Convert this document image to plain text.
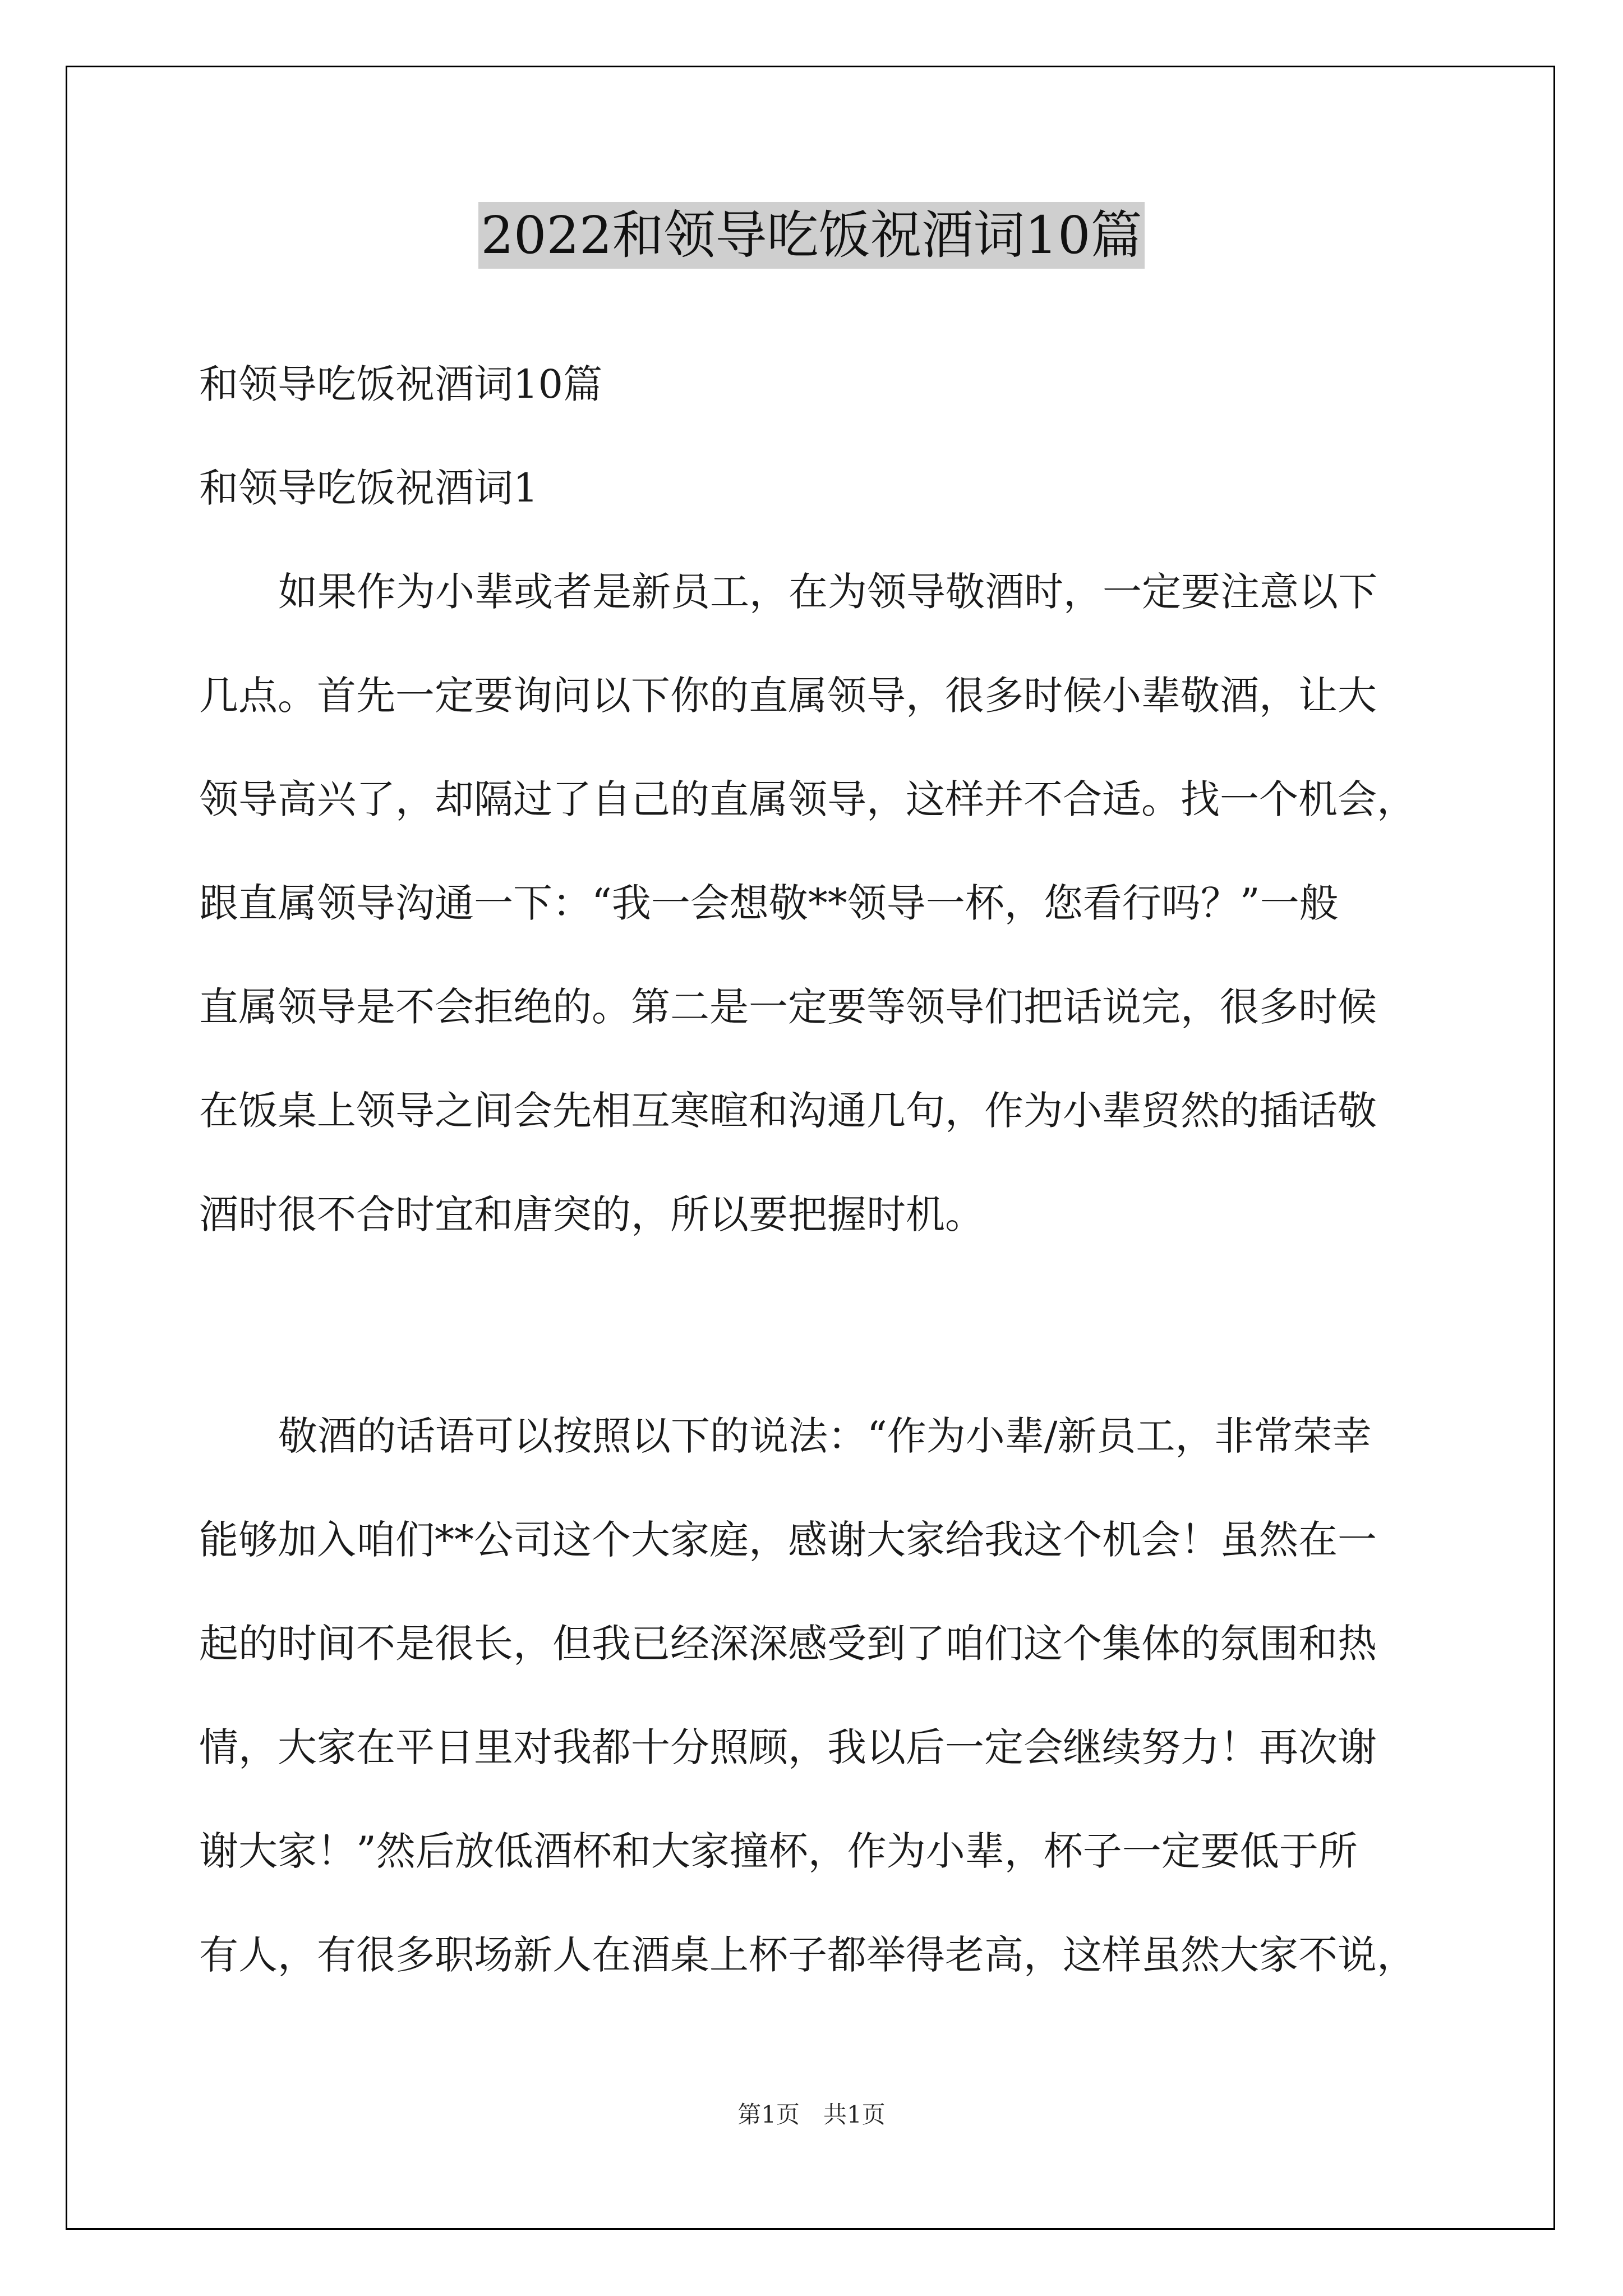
2022和领导吃饭祝酒词10篇
和领导吃饭祝酒词10篇
和领导吃饭祝酒词1
如果作为小辈或者是新员工，在为领导敬酒时，一定要注意以下
几点。首先一定要询问以下你的直属领导，很多时候小辈敬酒，让大
领导高兴了，却隔过了自己的直属领导，这样并不合适。找一个机会，
跟直属领导沟通一下：“我一会想敬**领导一杯，您看行吗？”一般
直属领导是不会拒绝的。第二是一定要等领导们把话说完，很多时候
在饭桌上领导之间会先相互寒暄和沟通几句，作为小辈贸然的插话敬
酒时很不合时宜和唐突的，所以要把握时机。
敬酒的话语可以按照以下的说法：“作为小辈/新员工，非常荣幸
能够加入咱们**公司这个大家庭，感谢大家给我这个机会！虽然在一
起的时间不是很长，但我已经深深感受到了咱们这个集体的氛围和热
情，大家在平日里对我都十分照顾，我以后一定会继续努力！再次谢
谢大家！”然后放低酒杯和大家撞杯，作为小辈，杯子一定要低于所
有人，有很多职场新人在酒桌上杯子都举得老高，这样虽然大家不说，
第1页　共1页
